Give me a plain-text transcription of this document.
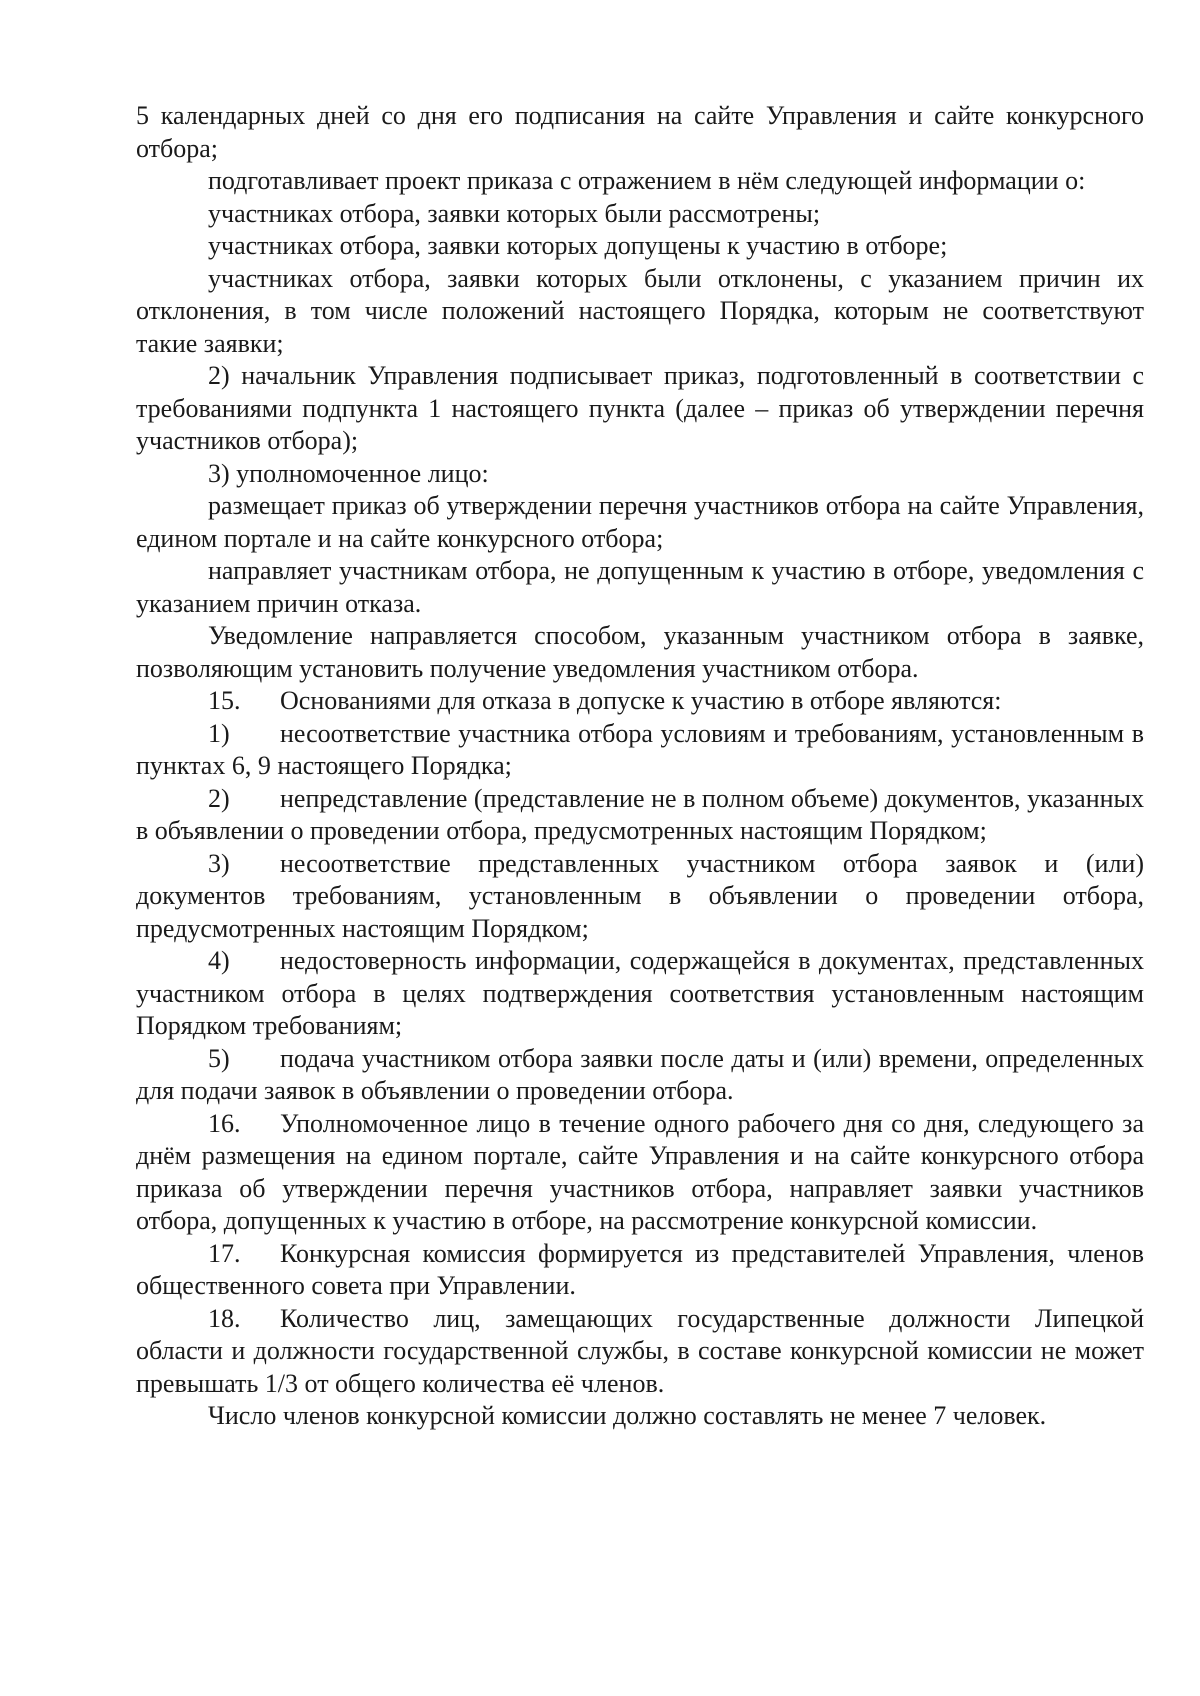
5 календарных дней со дня его подписания на сайте Управления и сайте конкурсного отбора;

подготавливает проект приказа с отражением в нём следующей информации о:

участниках отбора, заявки которых были рассмотрены;

участниках отбора, заявки которых допущены к участию в отборе;

участниках отбора, заявки которых были отклонены, с указанием причин их отклонения, в том числе положений настоящего Порядка, которым не соответствуют такие заявки;

2) начальник Управления подписывает приказ, подготовленный в соответствии с требованиями подпункта 1 настоящего пункта (далее – приказ об утверждении перечня участников отбора);

3) уполномоченное лицо:

размещает приказ об утверждении перечня участников отбора на сайте Управления, едином портале и на сайте конкурсного отбора;

направляет участникам отбора, не допущенным к участию в отборе, уведомления с указанием причин отказа.

Уведомление направляется способом, указанным участником отбора в заявке, позволяющим установить получение уведомления участником отбора.

15. Основаниями для отказа в допуске к участию в отборе являются:

1) несоответствие участника отбора условиям и требованиям, установленным в пунктах 6, 9 настоящего Порядка;

2) непредставление (представление не в полном объеме) документов, указанных в объявлении о проведении отбора, предусмотренных настоящим Порядком;

3) несоответствие представленных участником отбора заявок и (или) документов требованиям, установленным в объявлении о проведении отбора, предусмотренных настоящим Порядком;

4) недостоверность информации, содержащейся в документах, представленных участником отбора в целях подтверждения соответствия установленным настоящим Порядком требованиям;

5) подача участником отбора заявки после даты и (или) времени, определенных для подачи заявок в объявлении о проведении отбора.

16. Уполномоченное лицо в течение одного рабочего дня со дня, следующего за днём размещения на едином портале, сайте Управления и на сайте конкурсного отбора приказа об утверждении перечня участников отбора, направляет заявки участников отбора, допущенных к участию в отборе, на рассмотрение конкурсной комиссии.

17. Конкурсная комиссия формируется из представителей Управления, членов общественного совета при Управлении.

18. Количество лиц, замещающих государственные должности Липецкой области и должности государственной службы, в составе конкурсной комиссии не может превышать 1/3 от общего количества её членов.

Число членов конкурсной комиссии должно составлять не менее 7 человек.
